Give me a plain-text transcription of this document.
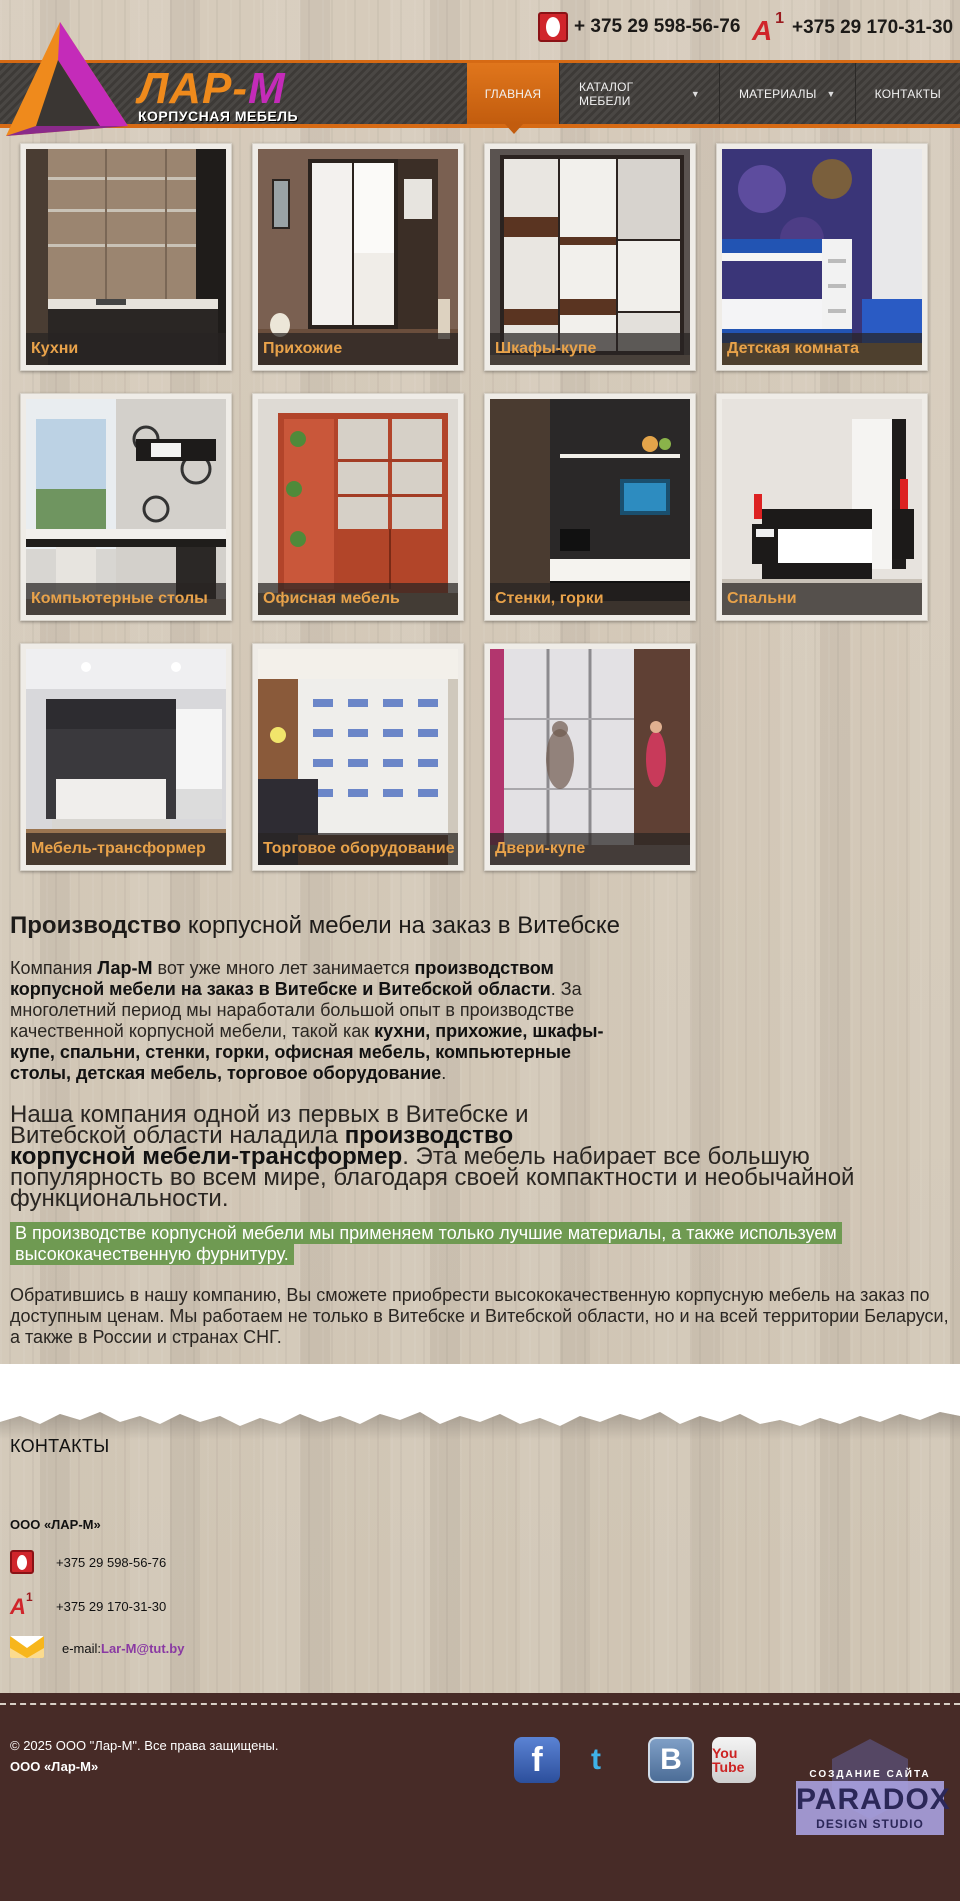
+ 375 29 598-56-76 A 1 +375 29 170-31-30
ГЛАВНАЯ	КАТАЛОГ МЕБЕЛИ	▼	МАТЕРИАЛЫ ▼	КОНТАКТЫ
ЛАР-М
КОРПУСНАЯ МЕБЕЛЬ
Кухни	Прихожие	Шкафы-купе	Детская комната
Компьютерные столы	Офисная мебель	Стенки, горки	Спальни
Мебель-трансформер	Торговое оборудование	Двери-купе
Производство корпусной мебели на заказ в Витебске

Компания Лар-М вот уже много лет занимается производством корпусной мебели на заказ в Витебске и Витебской области. За многолетний период мы наработали большой опыт в производстве качественной корпусной мебели, такой как кухни, прихожие, шкафы-купе, спальни, стенки, горки, офисная мебель, компьютерные столы, детская мебель, торговое оборудование.

Наша компания одной из первых в Витебске и
Витебской области наладила производство
корпусной мебели-трансформер. Эта мебель набирает все большую популярность во всем мире, благодаря своей компактности и необычайной функциональности.

В производстве корпусной мебели мы применяем только лучшие материалы, а также используем высококачественную фурнитуру.

Обратившись в нашу компанию, Вы сможете приобрести высококачественную корпусную мебель на заказ по доступным ценам. Мы работаем не только в Витебске и Витебской области, но и на всей территории Беларуси, а также в России и странах СНГ.

КОНТАКТЫ
ООО «ЛАР-М»
+375 29 598-56-76
A 1
+375 29 170-31-30
e-mail: Lar-M@tut.by
© 2025 ООО "Лар-М". Все права защищены.
ООО «Лар-М»	f t B You Tube	СОЗДАНИЕ САЙТА
PARADOX
DESIGN STUDIO
